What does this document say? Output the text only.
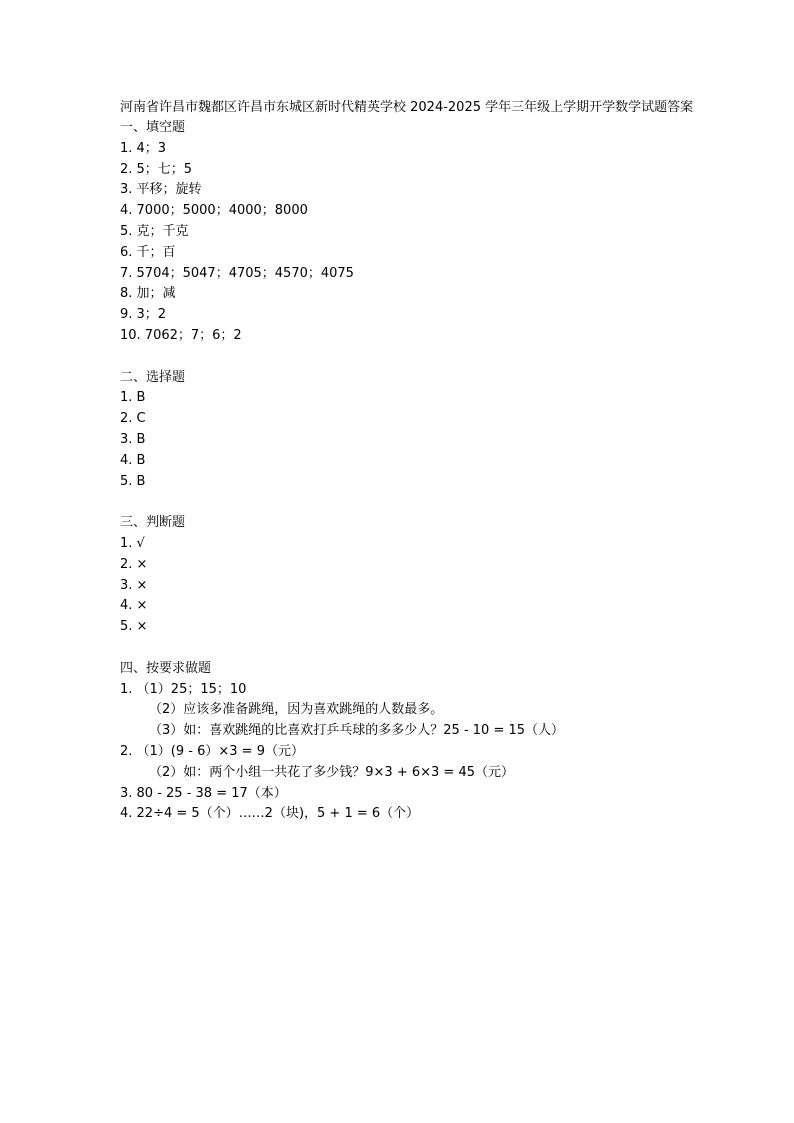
河南省许昌市魏都区许昌市东城区新时代精英学校 2024-2025 学年三年级上学期开学数学试题答案
一、填空题
1. 4；3
2. 5；七；5
3. 平移；旋转
4. 7000；5000；4000；8000
5. 克；千克
6. 千；百
7. 5704；5047；4705；4570；4075
8. 加；减
9. 3；2
10. 7062；7；6；2
二、选择题
1. B
2. C
3. B
4. B
5. B
三、判断题
1. √
2. ×
3. ×
4. ×
5. ×
四、按要求做题
1. （1）25；15；10
（2）应该多准备跳绳，因为喜欢跳绳的人数最多。
（3）如：喜欢跳绳的比喜欢打乒乓球的多多少人？25 - 10 = 15（人）
2. （1）(9 - 6）×3 = 9（元）
（2）如：两个小组一共花了多少钱？9×3 + 6×3 = 45（元）
3. 80 - 25 - 38 = 17（本）
4. 22÷4 = 5（个）……2（块)，5 + 1 = 6（个）
